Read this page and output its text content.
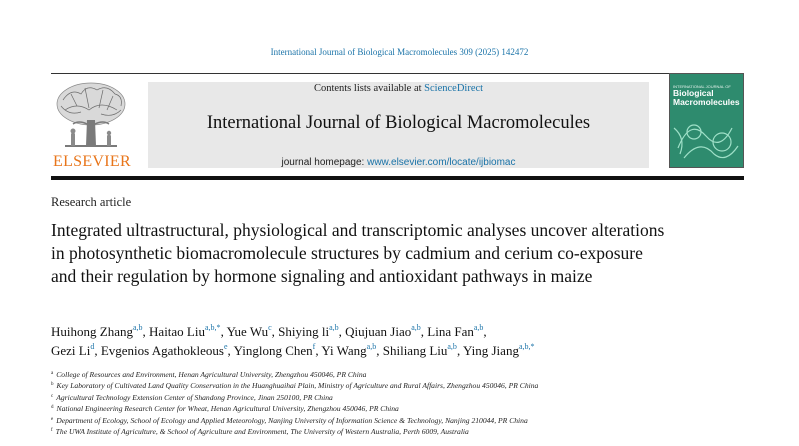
International Journal of Biological Macromolecules 309 (2025) 142472
ELSEVIER
Contents lists available at ScienceDirect
International Journal of Biological Macromolecules
journal homepage: www.elsevier.com/locate/ijbiomac
INTERNATIONAL JOURNAL OF
Biological Macromolecules
Research article
Integrated ultrastructural, physiological and transcriptomic analyses uncover alterations in photosynthetic biomacromolecule structures by cadmium and cerium co-exposure and their regulation by hormone signaling and antioxidant pathways in maize
Huihong Zhang$^{a,b}$, Haitao Liu$^{a,b,*}$, Yue Wu$^c$, Shiying li$^{a,b}$, Qiujuan Jiao$^{a,b}$, Lina Fan$^{a,b}$,
Gezi Li$^d$, Evgenios Agathokleous$^e$, Yinglong Chen$^f$, Yi Wang$^{a,b}$, Shiliang Liu$^{a,b}$, Ying Jiang$^{a,b,*}$
$^a$ College of Resources and Environment, Henan Agricultural University, Zhengzhou 450046, PR China
$^b$ Key Laboratory of Cultivated Land Quality Conservation in the Huanghuaihai Plain, Ministry of Agriculture and Rural Affairs, Zhengzhou 450046, PR China
$^c$ Agricultural Technology Extension Center of Shandong Province, Jinan 250100, PR China
$^d$ National Engineering Research Center for Wheat, Henan Agricultural University, Zhengzhou 450046, PR China
$^e$ Department of Ecology, School of Ecology and Applied Meteorology, Nanjing University of Information Science & Technology, Nanjing 210044, PR China
$^f$ The UWA Institute of Agriculture, & School of Agriculture and Environment, The University of Western Australia, Perth 6009, Australia
